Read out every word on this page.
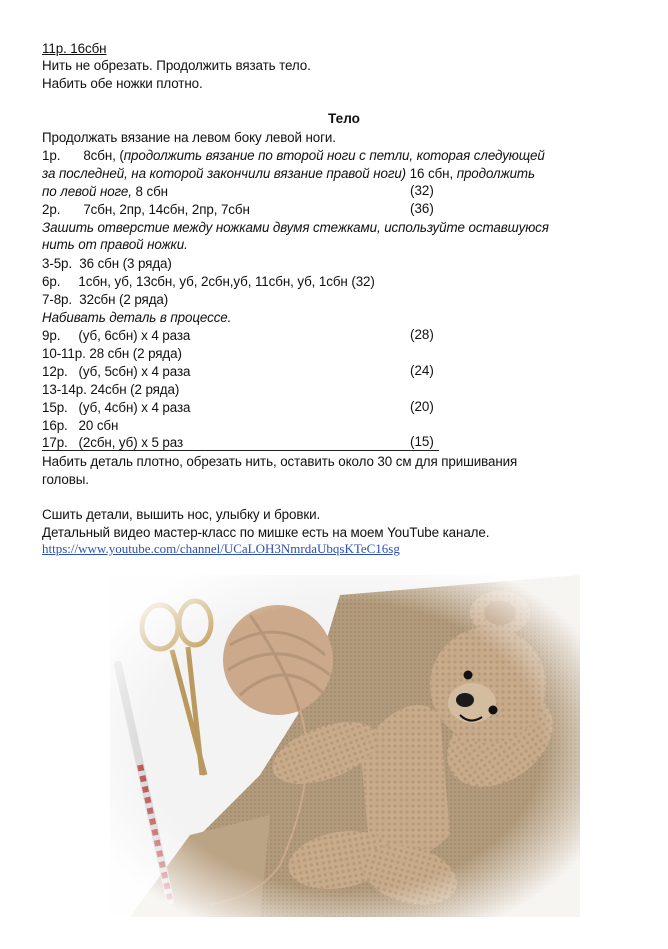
11р. 16сбн
Нить не обрезать. Продолжить вязать тело.
Набить обе ножки плотно.
Тело
Продолжать вязание на левом боку левой ноги.
1р. 8сбн, (продолжить вязание по второй ноги с петли, которая следующей
за последней, на которой закончили вязание правой ноги) 16 сбн, продолжить
по левой ноге, 8 сбн	(32)
2р. 7сбн, 2пр, 14сбн, 2пр, 7сбн	(36)
Зашить отверстие между ножками двумя стежками, используйте оставшуюся
нить от правой ножки.
3-5р.  36 сбн (3 ряда)
6р.     1сбн, уб, 13сбн, уб, 2сбн,уб, 11сбн, уб, 1сбн (32)
7-8р.  32сбн (2 ряда)
Набивать деталь в процессе.
9р.     (уб, 6сбн) х 4 раза	(28)
10-11р. 28 сбн (2 ряда)
12р.   (уб, 5сбн) х 4 раза	(24)
13-14р. 24сбн (2 ряда)
15р.   (уб, 4сбн) х 4 раза	(20)
16р.   20 сбн
17р.   (2сбн, уб) х 5 раз	(15)
Набить деталь плотно, обрезать нить, оставить около 30 см для пришивания
головы.
Сшить детали, вышить нос, улыбку и бровки.
Детальный видео мастер-класс по мишке есть на моем YouTube канале.
https://www.youtube.com/channel/UCaLOH3NmrdaUbqsKTeC16sg
